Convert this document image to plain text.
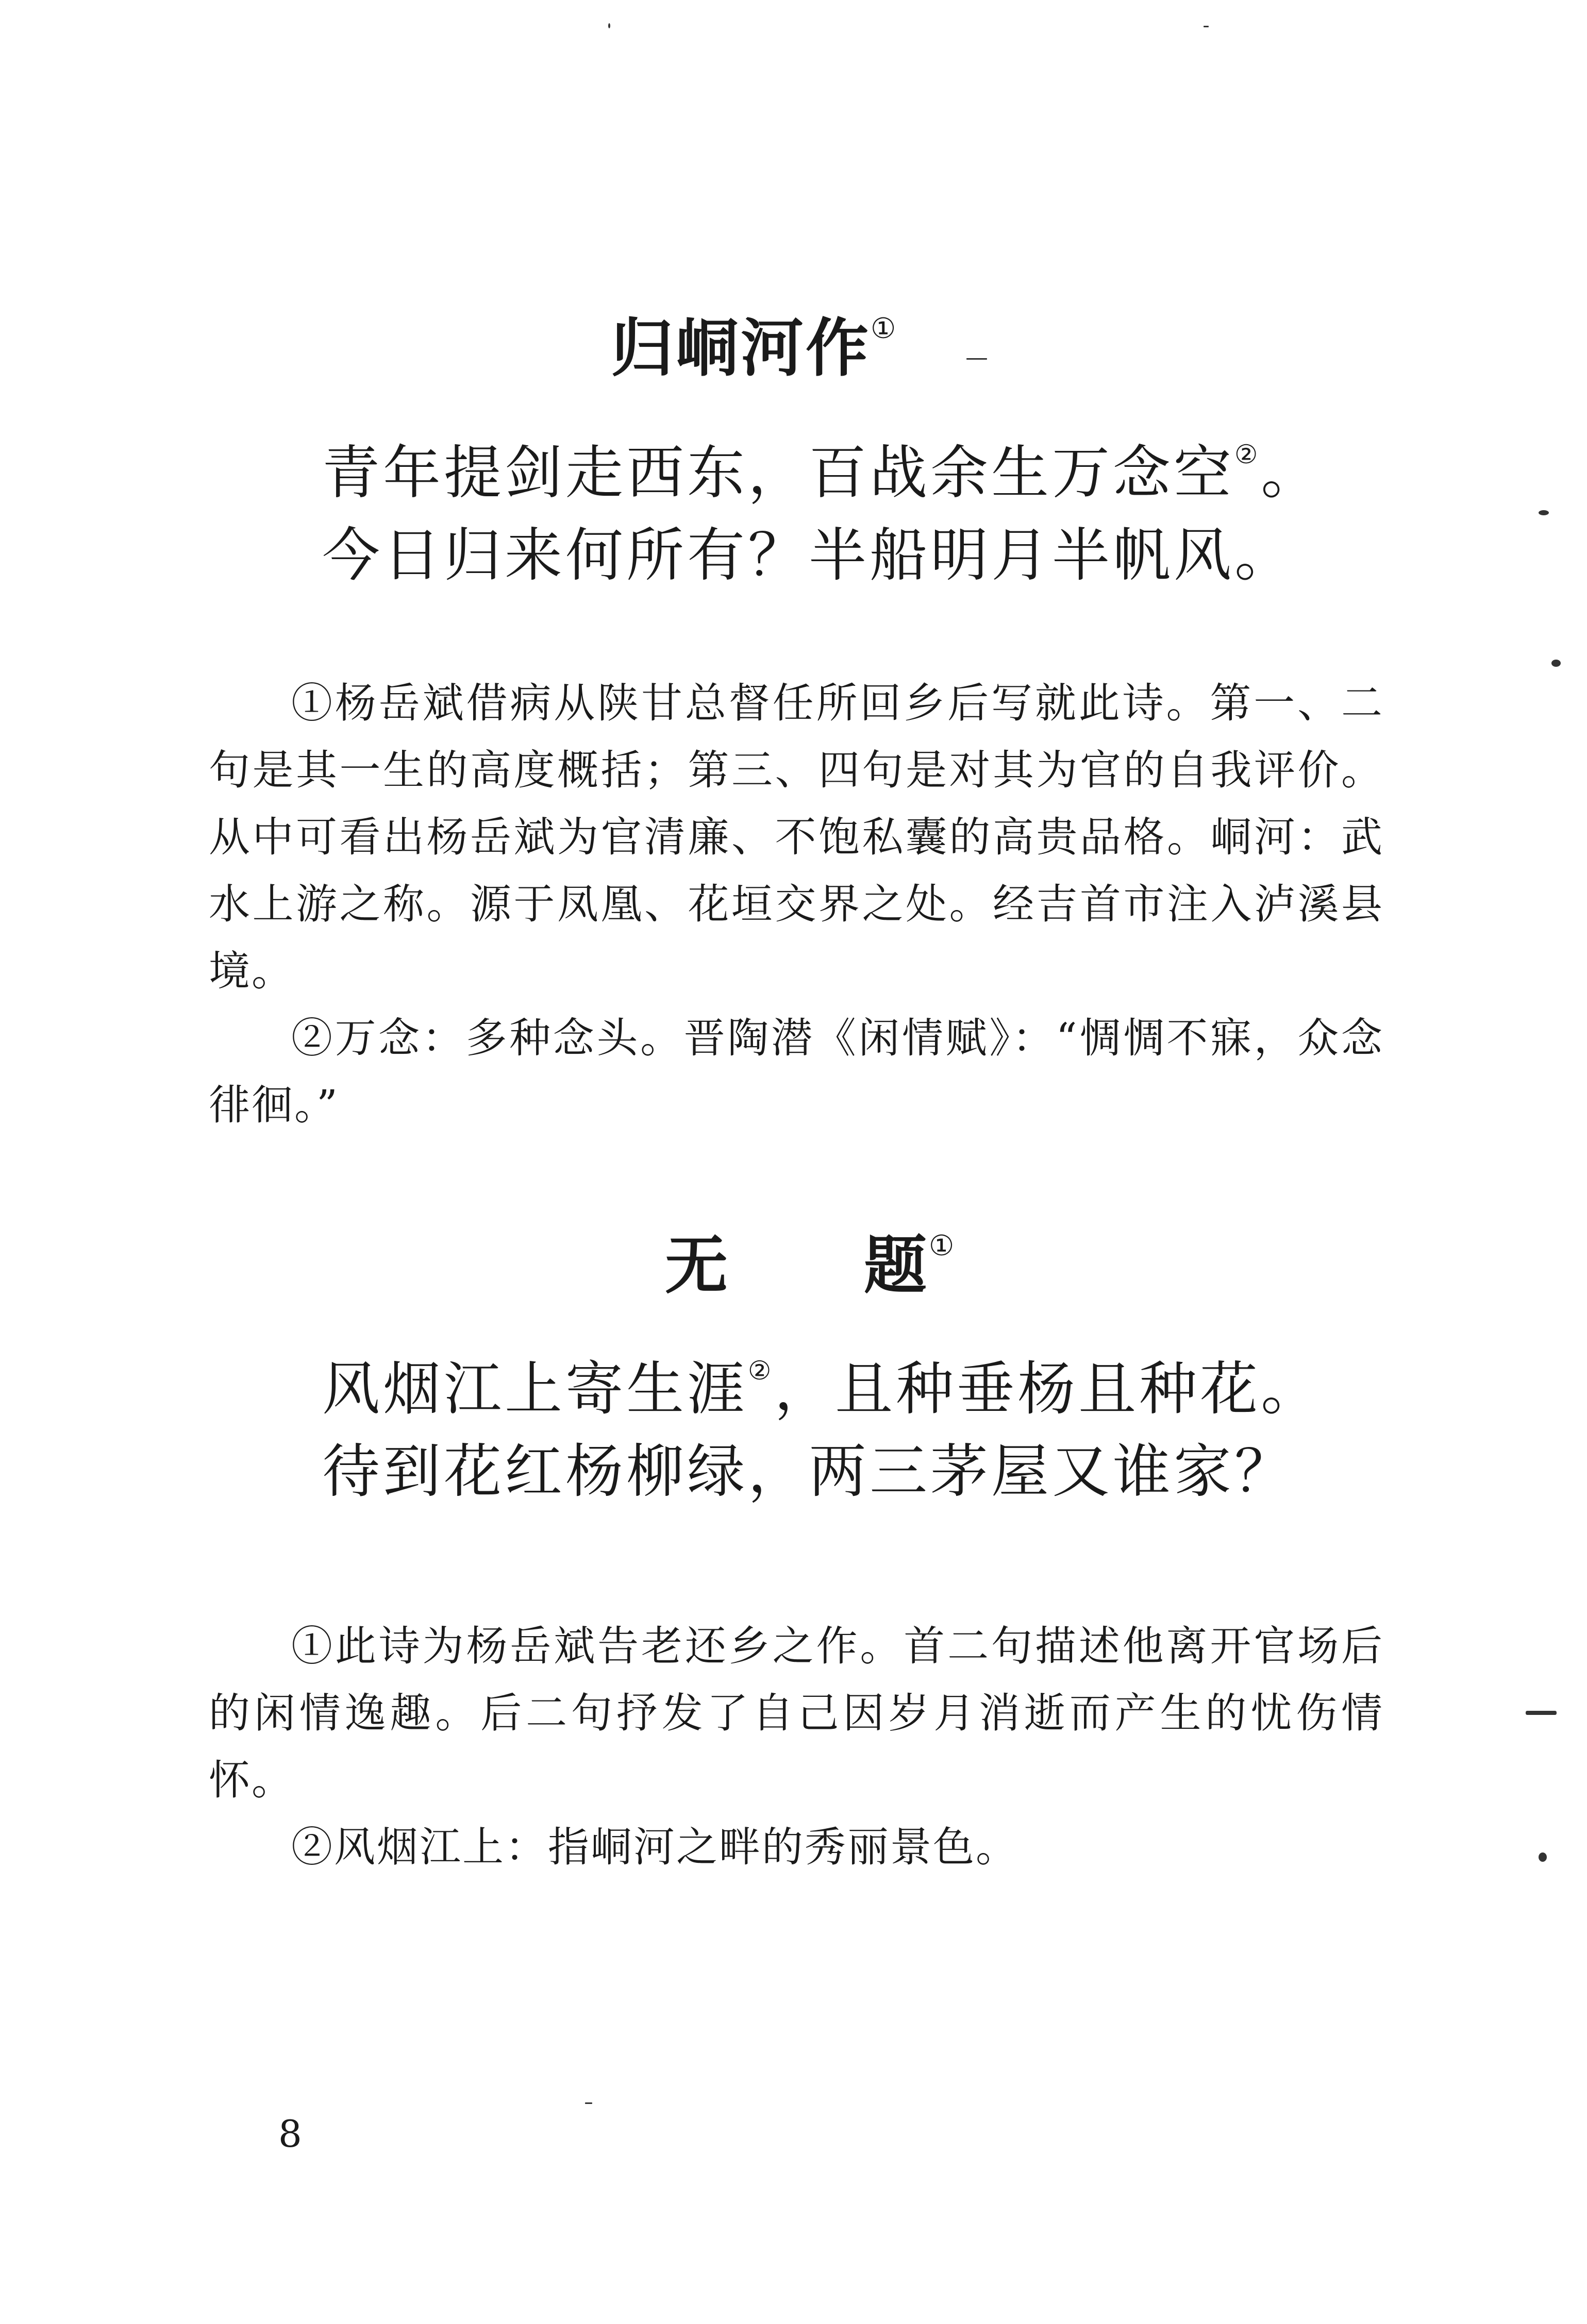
归峒河作①
青年提剑走西东，百战余生万念空②。
今日归来何所有？半船明月半帆风。

①杨岳斌借病从陕甘总督任所回乡后写就此诗。第一、二句是其一生的高度概括；第三、四句是对其为官的自我评价。从中可看出杨岳斌为官清廉、不饱私囊的高贵品格。峒河：武水上游之称。源于凤凰、花垣交界之处。经吉首市注入泸溪县境。

②万念：多种念头。晋陶潜《闲情赋》：“惆惆不寐，众念徘徊。”

无 题①
风烟江上寄生涯②，且种垂杨且种花。
待到花红杨柳绿，两三茅屋又谁家？

①此诗为杨岳斌告老还乡之作。首二句描述他离开官场后的闲情逸趣。后二句抒发了自己因岁月消逝而产生的忧伤情怀。

②风烟江上：指峒河之畔的秀丽景色。

8
